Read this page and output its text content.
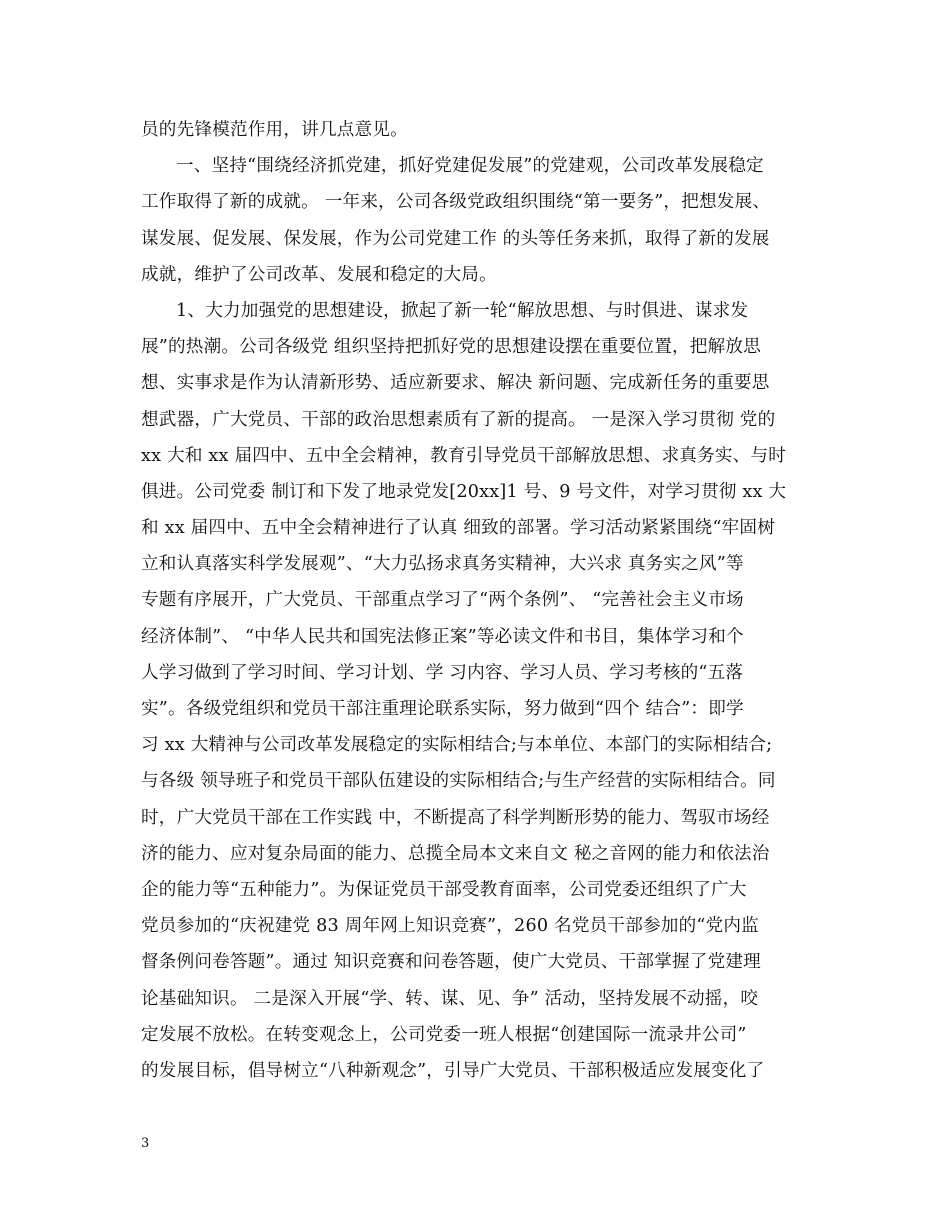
员的先锋模范作用，讲几点意见。
一、坚持“围绕经济抓党建，抓好党建促发展”的党建观，公司改革发展稳定
工作取得了新的成就。 一年来，公司各级党政组织围绕“第一要务”，把想发展、
谋发展、促发展、保发展，作为公司党建工作 的头等任务来抓，取得了新的发展
成就，维护了公司改革、发展和稳定的大局。
1、大力加强党的思想建设，掀起了新一轮“解放思想、与时俱进、谋求发
展”的热潮。公司各级党 组织坚持把抓好党的思想建设摆在重要位置，把解放思
想、实事求是作为认清新形势、适应新要求、解决 新问题、完成新任务的重要思
想武器，广大党员、干部的政治思想素质有了新的提高。 一是深入学习贯彻 党的
xx 大和 xx 届四中、五中全会精神，教育引导党员干部解放思想、求真务实、与时
俱进。公司党委 制订和下发了地录党发[20xx]1 号、9 号文件，对学习贯彻 xx 大
和 xx 届四中、五中全会精神进行了认真 细致的部署。学习活动紧紧围绕“牢固树
立和认真落实科学发展观”、“大力弘扬求真务实精神，大兴求 真务实之风”等
专题有序展开，广大党员、干部重点学习了“两个条例”、 “完善社会主义市场
经济体制”、 “中华人民共和国宪法修正案”等必读文件和书目，集体学习和个
人学习做到了学习时间、学习计划、学 习内容、学习人员、学习考核的“五落
实”。各级党组织和党员干部注重理论联系实际，努力做到“四个 结合”：即学
习 xx 大精神与公司改革发展稳定的实际相结合;与本单位、本部门的实际相结合;
与各级 领导班子和党员干部队伍建设的实际相结合;与生产经营的实际相结合。同
时，广大党员干部在工作实践 中，不断提高了科学判断形势的能力、驾驭市场经
济的能力、应对复杂局面的能力、总揽全局本文来自文 秘之音网的能力和依法治
企的能力等“五种能力”。为保证党员干部受教育面率，公司党委还组织了广大
党员参加的“庆祝建党 83 周年网上知识竞赛”，260 名党员干部参加的“党内监
督条例问卷答题”。通过 知识竞赛和问卷答题，使广大党员、干部掌握了党建理
论基础知识。 二是深入开展“学、转、谋、见、争” 活动，坚持发展不动摇，咬
定发展不放松。在转变观念上，公司党委一班人根据“创建国际一流录井公司”
的发展目标，倡导树立“八种新观念”，引导广大党员、干部积极适应发展变化了
3
